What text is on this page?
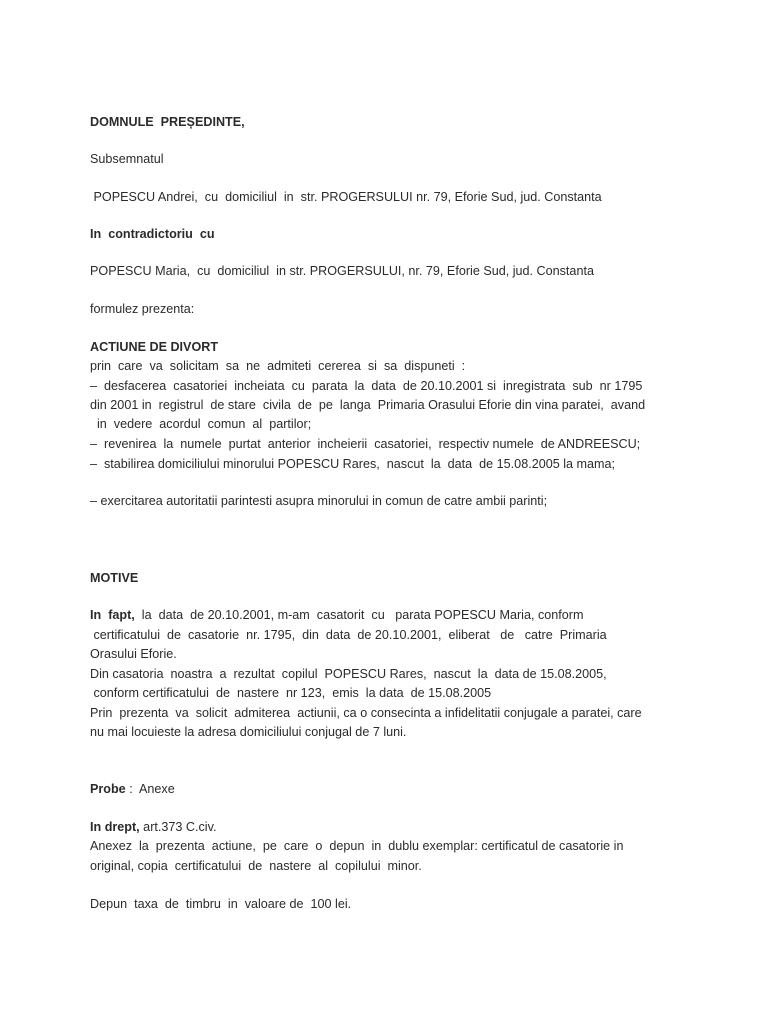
DOMNULE  PREȘEDINTE,
Subsemnatul
POPESCU Andrei,  cu  domiciliul  in  str. PROGERSULUI nr. 79, Eforie Sud, jud. Constanta
In  contradictoriu  cu
POPESCU Maria,  cu  domiciliul  in str. PROGERSULUI, nr. 79, Eforie Sud, jud. Constanta
formulez prezenta:
ACTIUNE DE DIVORT
prin  care  va  solicitam  sa  ne  admiteti  cererea  si  sa  dispuneti  :
–  desfacerea  casatoriei  incheiata  cu  parata  la  data  de 20.10.2001 si  inregistrata  sub  nr 1795
din 2001 in  registrul  de stare  civila  de  pe  langa  Primaria Orasului Eforie din vina paratei,  avand
in  vedere  acordul  comun  al  partilor;
–  revenirea  la  numele  purtat  anterior  incheierii  casatoriei,  respectiv numele  de ANDREESCU;
–  stabilirea domiciliului minorului POPESCU Rares,  nascut  la  data  de 15.08.2005 la mama;
– exercitarea autoritatii parintesti asupra minorului in comun de catre ambii parinti;
MOTIVE
In  fapt,  la  data  de 20.10.2001, m-am  casatorit  cu   parata POPESCU Maria, conform
certificatului  de  casatorie  nr. 1795,  din  data  de 20.10.2001,  eliberat   de   catre  Primaria
Orasului Eforie.
Din casatoria  noastra  a  rezultat  copilul  POPESCU Rares,  nascut  la  data de 15.08.2005,
conform certificatului  de  nastere  nr 123,  emis  la data  de 15.08.2005
Prin  prezenta  va  solicit  admiterea  actiunii, ca o consecinta a infidelitatii conjugale a paratei, care
nu mai locuieste la adresa domiciliului conjugal de 7 luni.
Probe :  Anexe
In drept, art.373 C.civ.
Anexez  la  prezenta  actiune,  pe  care  o  depun  in  dublu exemplar: certificatul de casatorie in
original, copia  certificatului  de  nastere  al  copilului  minor.
Depun  taxa  de  timbru  in  valoare de  100 lei.
